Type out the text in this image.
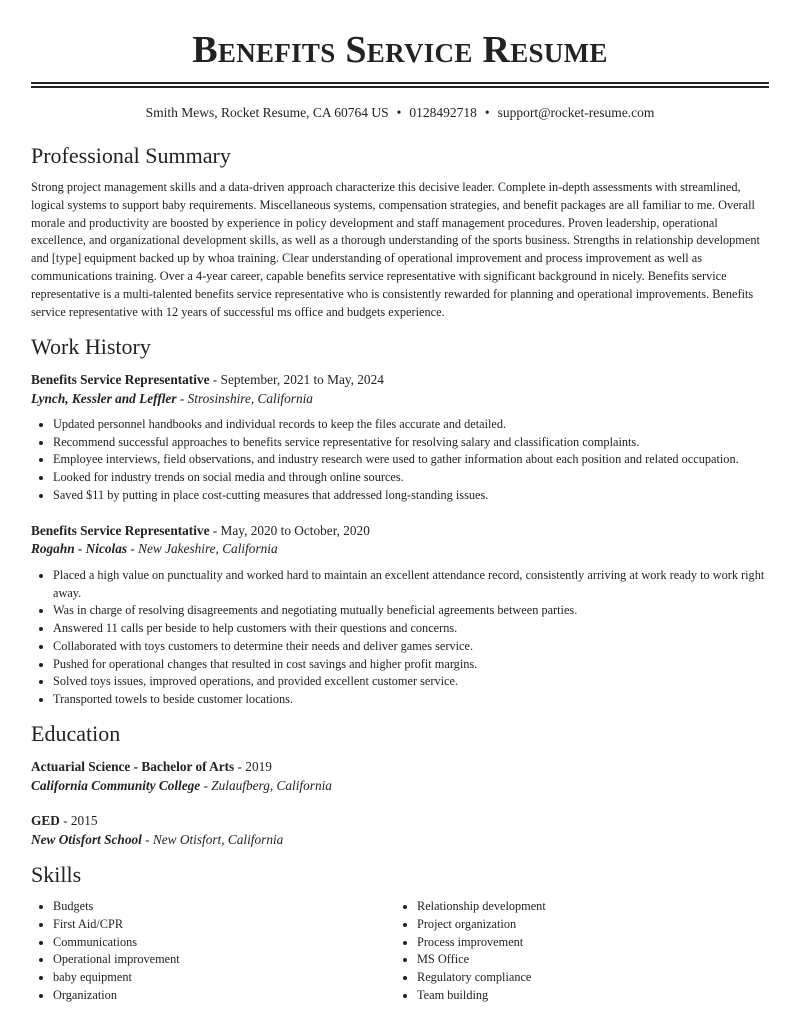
Benefits Service Resume
Smith Mews, Rocket Resume, CA 60764 US • 0128492718 • support@rocket-resume.com
Professional Summary

Strong project management skills and a data-driven approach characterize this decisive leader. Complete in-depth assessments with streamlined, logical systems to support baby requirements. Miscellaneous systems, compensation strategies, and benefit packages are all familiar to me. Overall morale and productivity are boosted by experience in policy development and staff management procedures. Proven leadership, operational excellence, and organizational development skills, as well as a thorough understanding of the sports business. Strengths in relationship development and [type] equipment backed up by whoa training. Clear understanding of operational improvement and process improvement as well as communications training. Over a 4-year career, capable benefits service representative with significant background in nicely. Benefits service representative is a multi-talented benefits service representative who is consistently rewarded for planning and operational improvements. Benefits service representative with 12 years of successful ms office and budgets experience.

Work History
Benefits Service Representative - September, 2021 to May, 2024
Lynch, Kessler and Leffler - Strosinshire, California
• Updated personnel handbooks and individual records to keep the files accurate and detailed.
• Recommend successful approaches to benefits service representative for resolving salary and classification complaints.
• Employee interviews, field observations, and industry research were used to gather information about each position and related occupation.
• Looked for industry trends on social media and through online sources.
• Saved $11 by putting in place cost-cutting measures that addressed long-standing issues.
Benefits Service Representative - May, 2020 to October, 2020
Rogahn - Nicolas - New Jakeshire, California
• Placed a high value on punctuality and worked hard to maintain an excellent attendance record, consistently arriving at work ready to work right away.
• Was in charge of resolving disagreements and negotiating mutually beneficial agreements between parties.
• Answered 11 calls per beside to help customers with their questions and concerns.
• Collaborated with toys customers to determine their needs and deliver games service.
• Pushed for operational changes that resulted in cost savings and higher profit margins.
• Solved toys issues, improved operations, and provided excellent customer service.
• Transported towels to beside customer locations.
Education
Actuarial Science - Bachelor of Arts - 2019
California Community College - Zulaufberg, California
GED - 2015
New Otisfort School - New Otisfort, California
Skills
• Budgets
• First Aid/CPR
• Communications
• Operational improvement
• baby equipment
• Organization
• Relationship development
• Project organization
• Process improvement
• MS Office
• Regulatory compliance
• Team building
